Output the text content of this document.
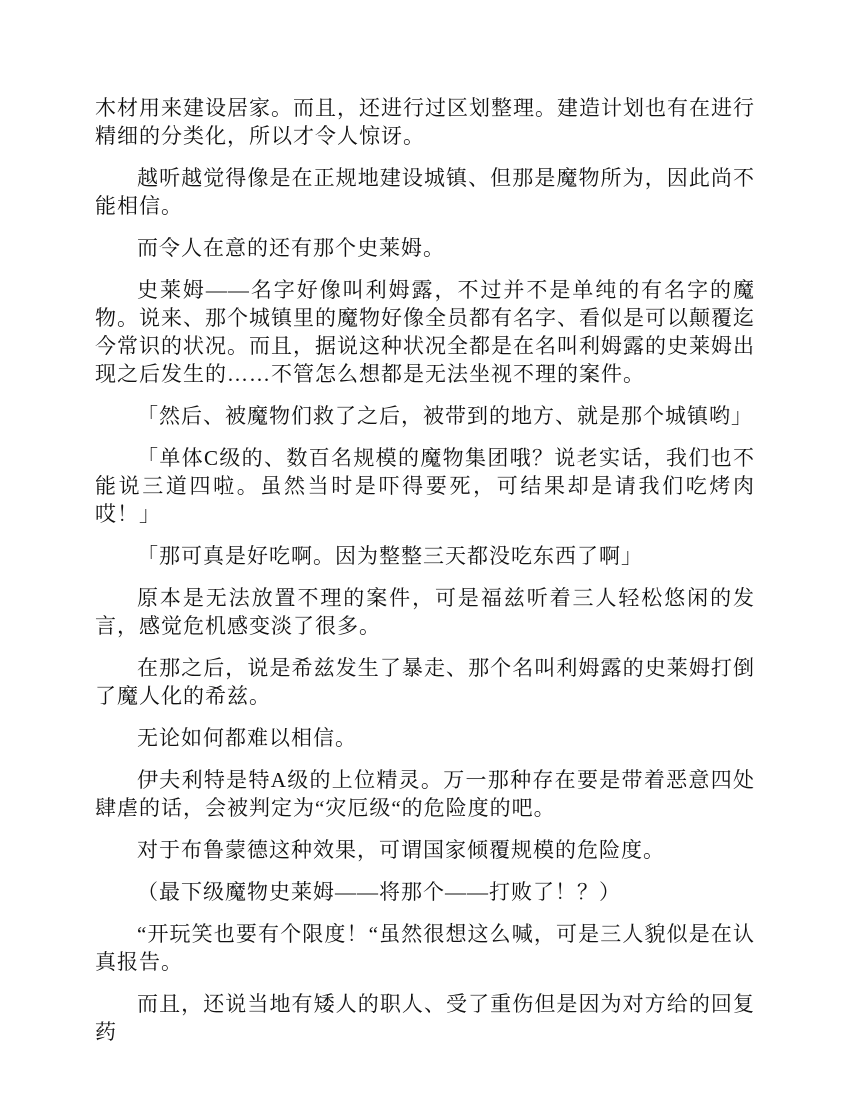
木材用来建设居家。而且，还进行过区划整理。建造计划也有在进行精细的分类化，所以才令人惊讶。

越听越觉得像是在正规地建设城镇、但那是魔物所为，因此尚不能相信。

而令人在意的还有那个史莱姆。

史莱姆——名字好像叫利姆露，不过并不是单纯的有名字的魔物。说来、那个城镇里的魔物好像全员都有名字、看似是可以颠覆迄今常识的状况。而且，据说这种状况全都是在名叫利姆露的史莱姆出现之后发生的……不管怎么想都是无法坐视不理的案件。

「然后、被魔物们救了之后，被带到的地方、就是那个城镇哟」

「单体C级的、数百名规模的魔物集团哦？说老实话，我们也不能说三道四啦。虽然当时是吓得要死，可结果却是请我们吃烤肉哎！」

「那可真是好吃啊。因为整整三天都没吃东西了啊」

原本是无法放置不理的案件，可是福兹听着三人轻松悠闲的发言，感觉危机感变淡了很多。

在那之后，说是希兹发生了暴走、那个名叫利姆露的史莱姆打倒了魔人化的希兹。

无论如何都难以相信。

伊夫利特是特A级的上位精灵。万一那种存在要是带着恶意四处肆虐的话，会被判定为“灾厄级“的危险度的吧。

对于布鲁蒙德这种效果，可谓国家倾覆规模的危险度。

（最下级魔物史莱姆——将那个——打败了！？）

“开玩笑也要有个限度！“虽然很想这么喊，可是三人貌似是在认真报告。

而且，还说当地有矮人的职人、受了重伤但是因为对方给的回复药
